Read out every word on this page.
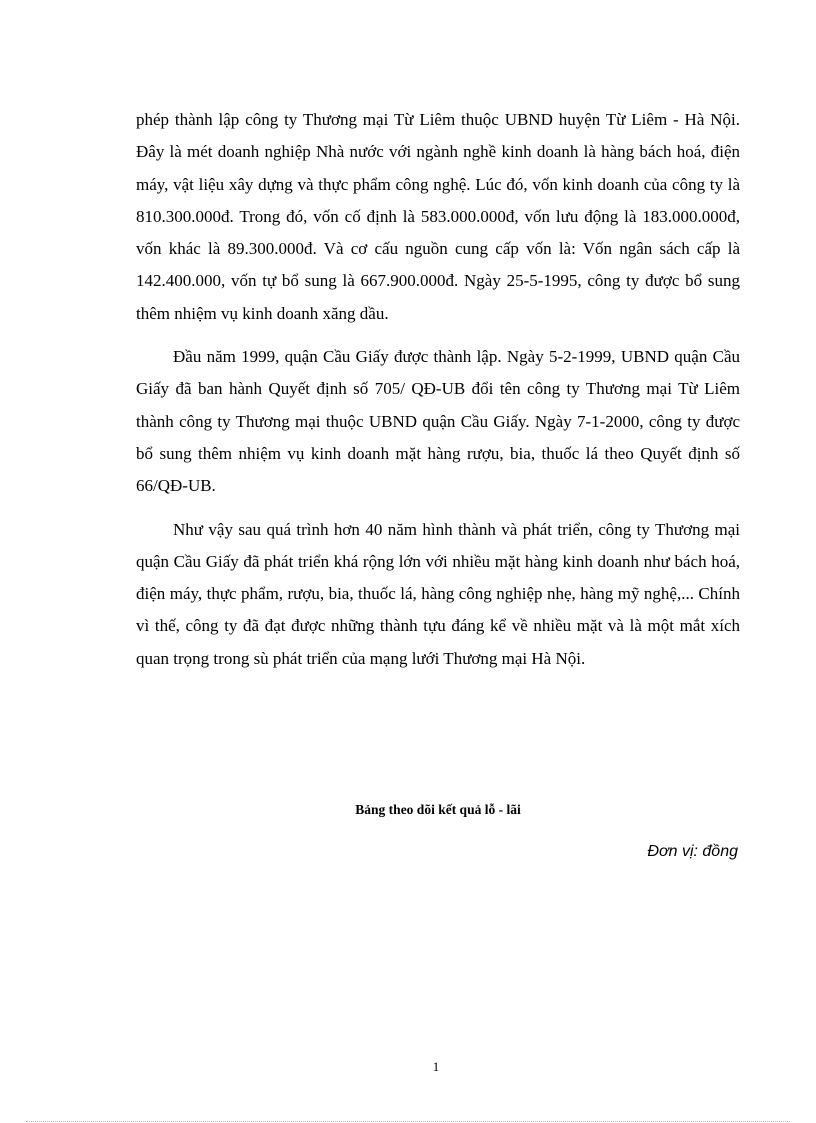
phép thành lập công ty Thương mại Từ Liêm thuộc UBND huyện Từ Liêm - Hà Nội. Đây là mét doanh nghiệp Nhà nước với ngành nghề kinh doanh là hàng bách hoá, điện máy, vật liệu xây dựng và thực phẩm công nghệ. Lúc đó, vốn kinh doanh của công ty là 810.300.000đ. Trong đó, vốn cố định là 583.000.000đ, vốn lưu động là 183.000.000đ, vốn khác là 89.300.000đ. Và cơ cấu nguồn cung cấp vốn là: Vốn ngân sách cấp là 142.400.000, vốn tự bổ sung là 667.900.000đ. Ngày 25-5-1995, công ty được bổ sung thêm nhiệm vụ kinh doanh xăng dầu.

Đầu năm 1999, quận Cầu Giấy được thành lập. Ngày 5-2-1999, UBND quận Cầu Giấy đã ban hành Quyết định số 705/ QĐ-UB đổi tên công ty Thương mại Từ Liêm thành công ty Thương mại thuộc UBND quận Cầu Giấy. Ngày 7-1-2000, công ty được bổ sung thêm nhiệm vụ kinh doanh mặt hàng rượu, bia, thuốc lá theo Quyết định số 66/QĐ-UB.

Như vậy sau quá trình hơn 40 năm hình thành và phát triển, công ty Thương mại quận Cầu Giấy đã phát triển khá rộng lớn với nhiều mặt hàng kinh doanh như bách hoá, điện máy, thực phẩm, rượu, bia, thuốc lá, hàng công nghiệp nhẹ, hàng mỹ nghệ,... Chính vì thế, công ty đã đạt được những thành tựu đáng kể về nhiều mặt và là một mắt xích quan trọng trong sù phát triển của mạng lưới Thương mại Hà Nội.

Bảng theo dõi kết quả lỗ - lãi
Đơn vị: đồng
1
